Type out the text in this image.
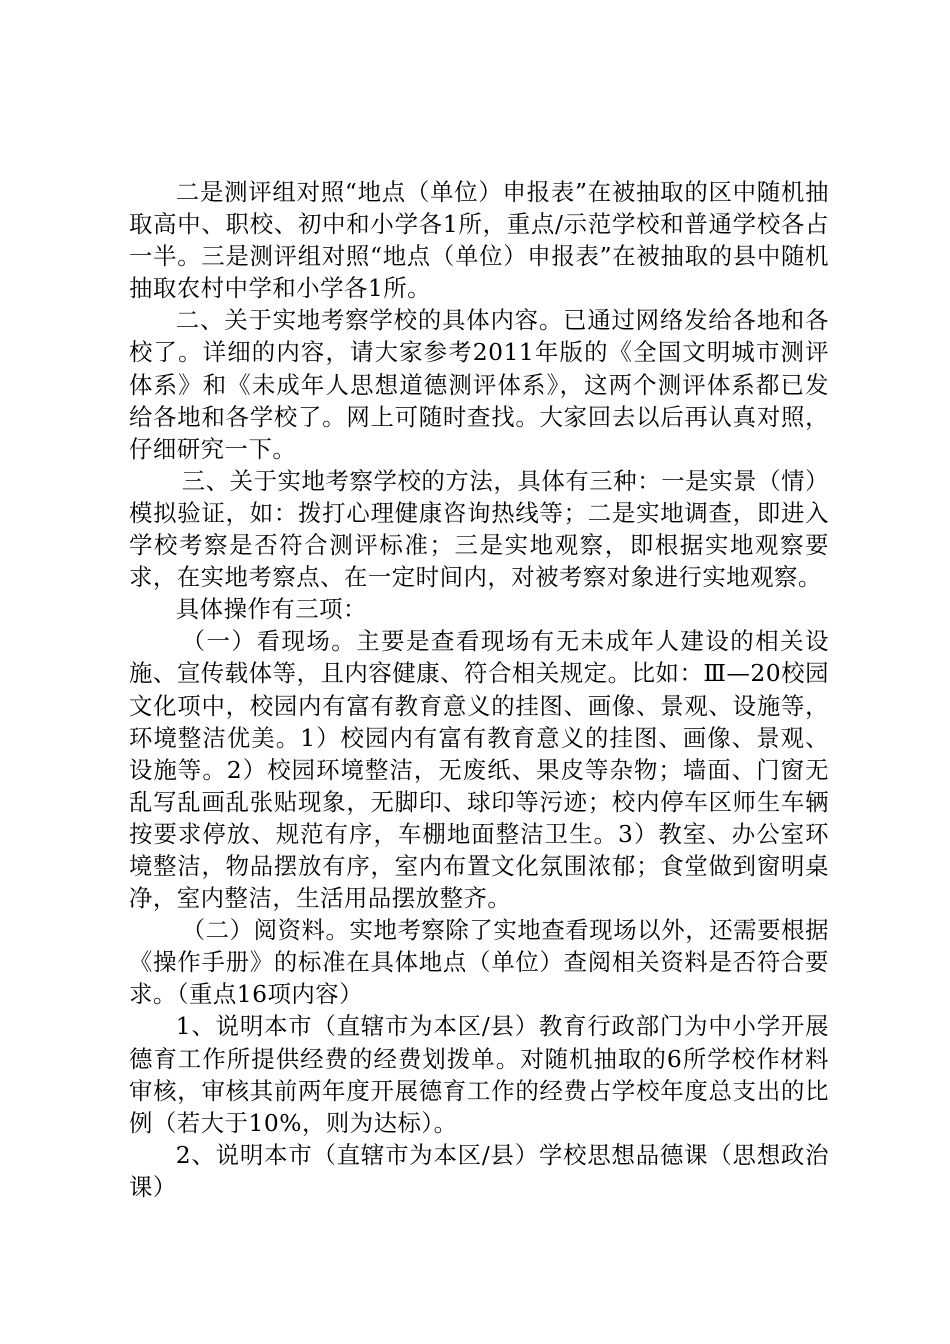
二是测评组对照“地点（单位）申报表”在被抽取的区中随机抽取高中、职校、初中和小学各1所，重点/示范学校和普通学校各占一半。三是测评组对照“地点（单位）申报表”在被抽取的县中随机抽取农村中学和小学各1所。

二、关于实地考察学校的具体内容。已通过网络发给各地和各校了。详细的内容，请大家参考2011年版的《全国文明城市测评体系》和《未成年人思想道德测评体系》，这两个测评体系都已发给各地和各学校了。网上可随时查找。大家回去以后再认真对照，仔细研究一下。

三、关于实地考察学校的方法，具体有三种：一是实景（情）模拟验证，如：拨打心理健康咨询热线等；二是实地调查，即进入学校考察是否符合测评标准；三是实地观察，即根据实地观察要求，在实地考察点、在一定时间内，对被考察对象进行实地观察。

具体操作有三项：

（一）看现场。主要是查看现场有无未成年人建设的相关设施、宣传载体等，且内容健康、符合相关规定。比如：Ⅲ—20校园文化项中，校园内有富有教育意义的挂图、画像、景观、设施等，环境整洁优美。1）校园内有富有教育意义的挂图、画像、景观、设施等。2）校园环境整洁，无废纸、果皮等杂物；墙面、门窗无乱写乱画乱张贴现象，无脚印、球印等污迹；校内停车区师生车辆按要求停放、规范有序，车棚地面整洁卫生。3）教室、办公室环境整洁，物品摆放有序，室内布置文化氛围浓郁；食堂做到窗明桌净，室内整洁，生活用品摆放整齐。

（二）阅资料。实地考察除了实地查看现场以外，还需要根据《操作手册》的标准在具体地点（单位）查阅相关资料是否符合要求。（重点16项内容）

1、说明本市（直辖市为本区/县）教育行政部门为中小学开展德育工作所提供经费的经费划拨单。对随机抽取的6所学校作材料审核，审核其前两年度开展德育工作的经费占学校年度总支出的比例（若大于10%，则为达标）。

2、说明本市（直辖市为本区/县）学校思想品德课（思想政治课）
